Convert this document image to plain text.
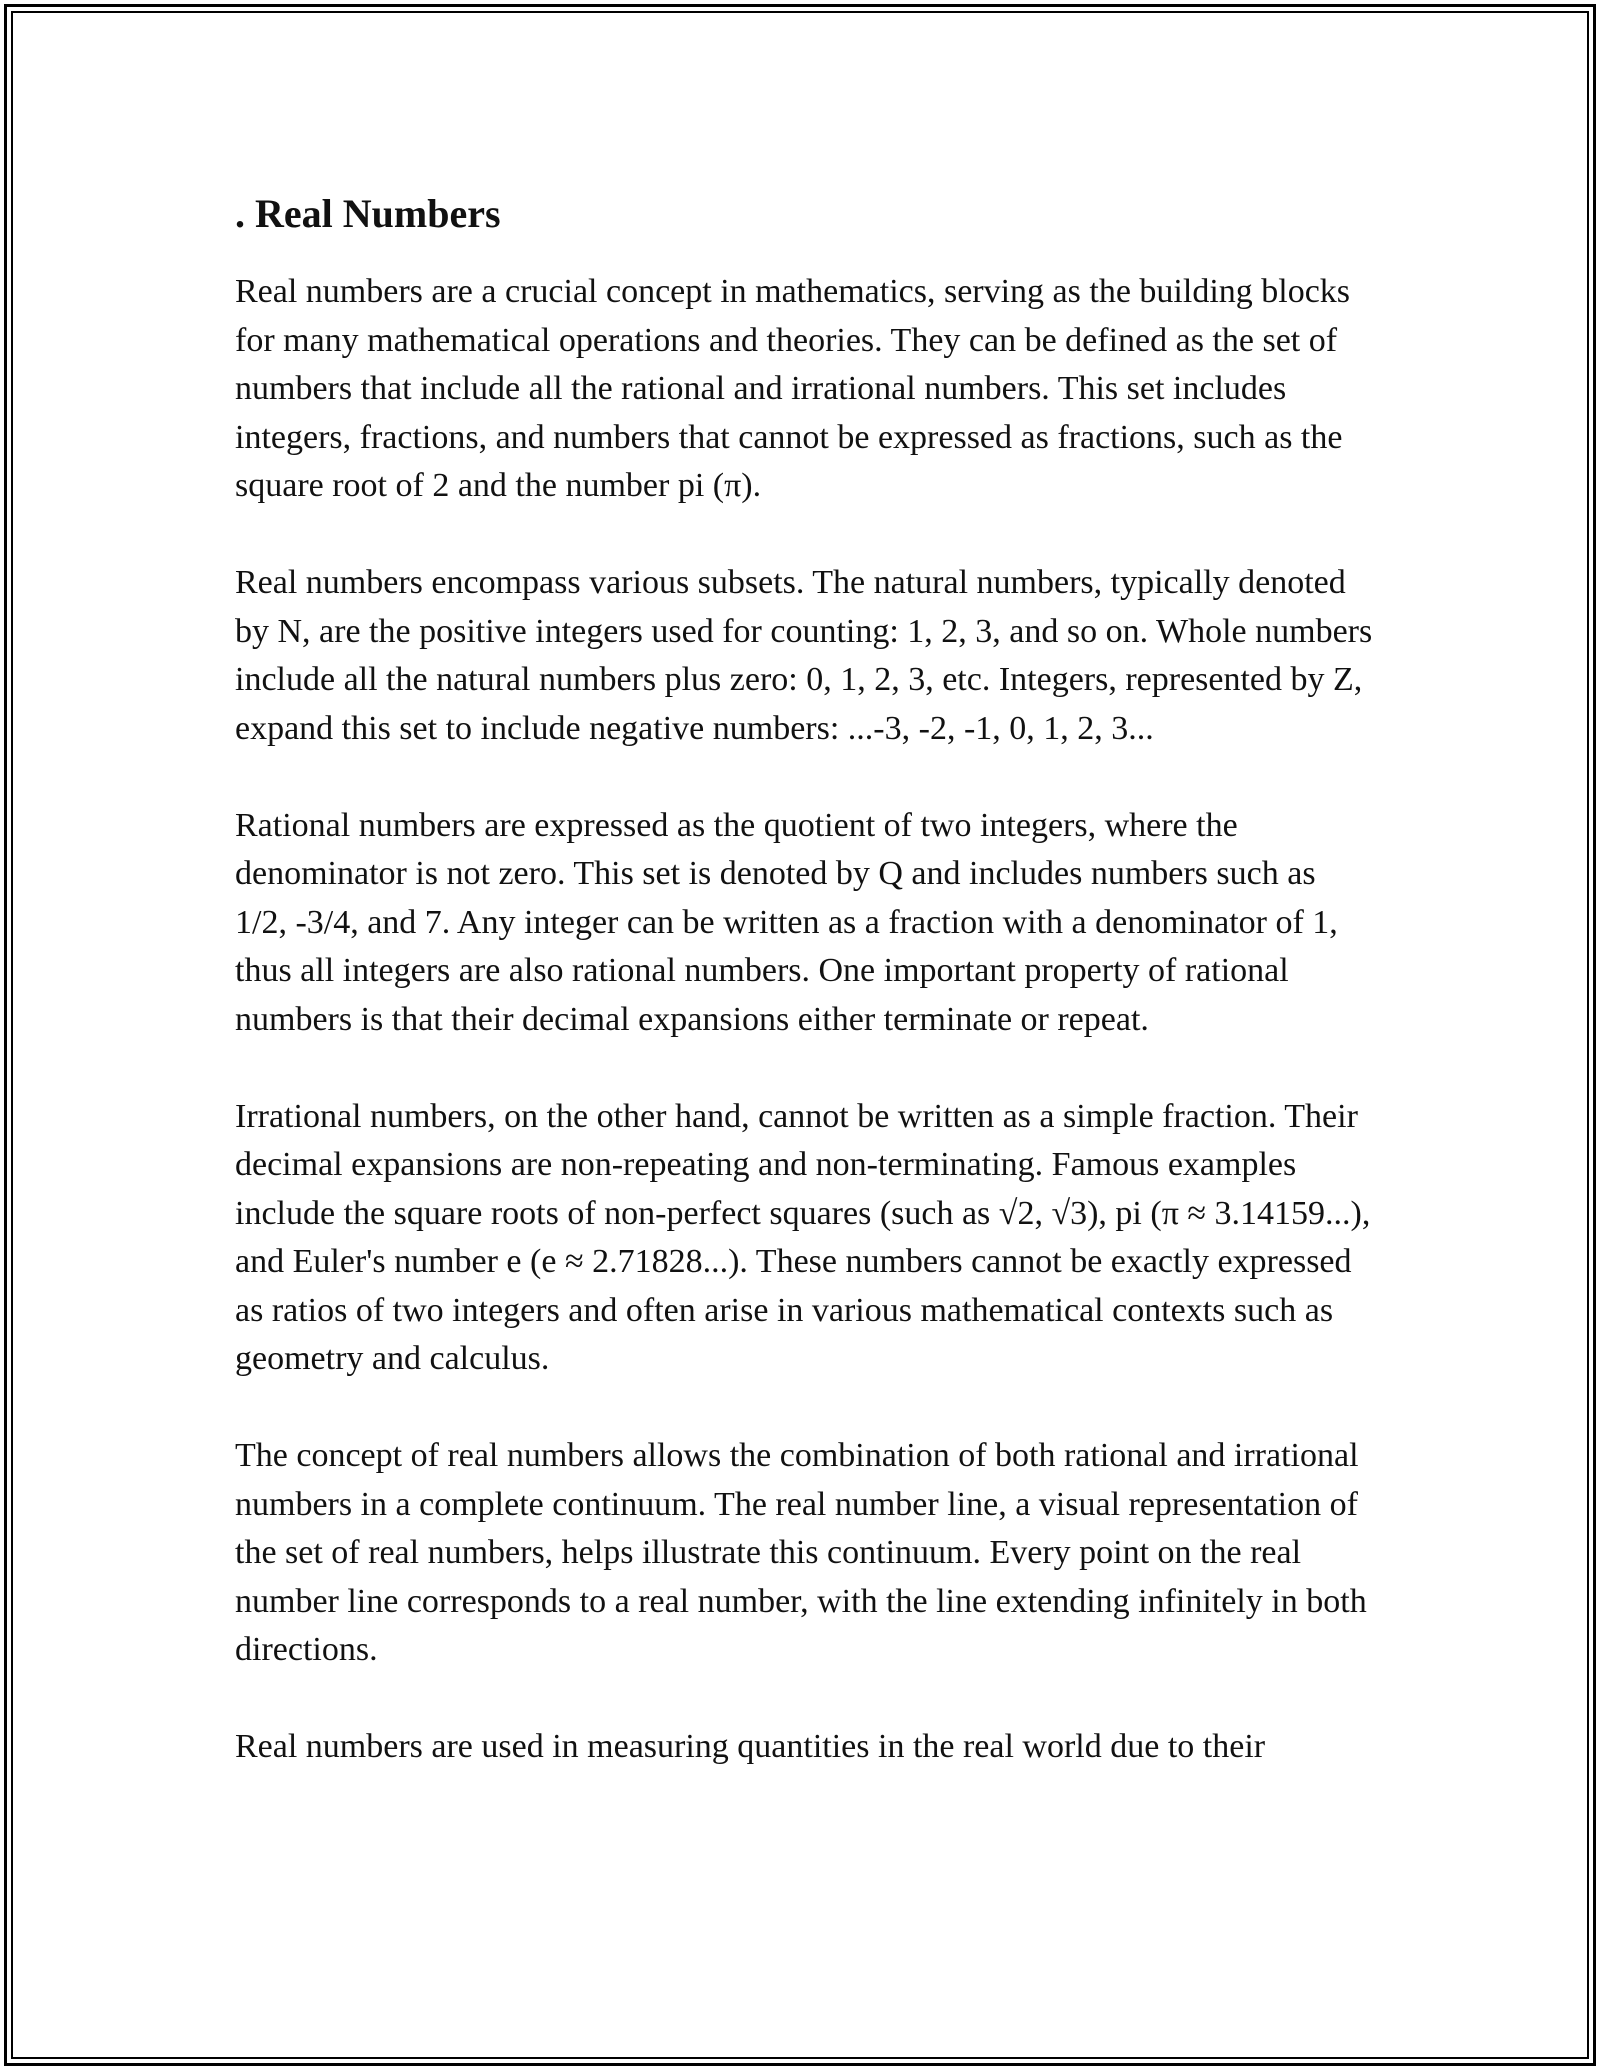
. Real Numbers

Real numbers are a crucial concept in mathematics, serving as the building blocks for many mathematical operations and theories. They can be defined as the set of numbers that include all the rational and irrational numbers. This set includes integers, fractions, and numbers that cannot be expressed as fractions, such as the square root of 2 and the number pi (π).

Real numbers encompass various subsets. The natural numbers, typically denoted by N, are the positive integers used for counting: 1, 2, 3, and so on. Whole numbers include all the natural numbers plus zero: 0, 1, 2, 3, etc. Integers, represented by Z, expand this set to include negative numbers: ...-3, -2, -1, 0, 1, 2, 3...

Rational numbers are expressed as the quotient of two integers, where the denominator is not zero. This set is denoted by Q and includes numbers such as 1/2, -3/4, and 7. Any integer can be written as a fraction with a denominator of 1, thus all integers are also rational numbers. One important property of rational numbers is that their decimal expansions either terminate or repeat.

Irrational numbers, on the other hand, cannot be written as a simple fraction. Their decimal expansions are non-repeating and non-terminating. Famous examples include the square roots of non-perfect squares (such as √2, √3), pi (π ≈ 3.14159...), and Euler's number e (e ≈ 2.71828...). These numbers cannot be exactly expressed as ratios of two integers and often arise in various mathematical contexts such as geometry and calculus.

The concept of real numbers allows the combination of both rational and irrational numbers in a complete continuum. The real number line, a visual representation of the set of real numbers, helps illustrate this continuum. Every point on the real number line corresponds to a real number, with the line extending infinitely in both directions.

Real numbers are used in measuring quantities in the real world due to their
